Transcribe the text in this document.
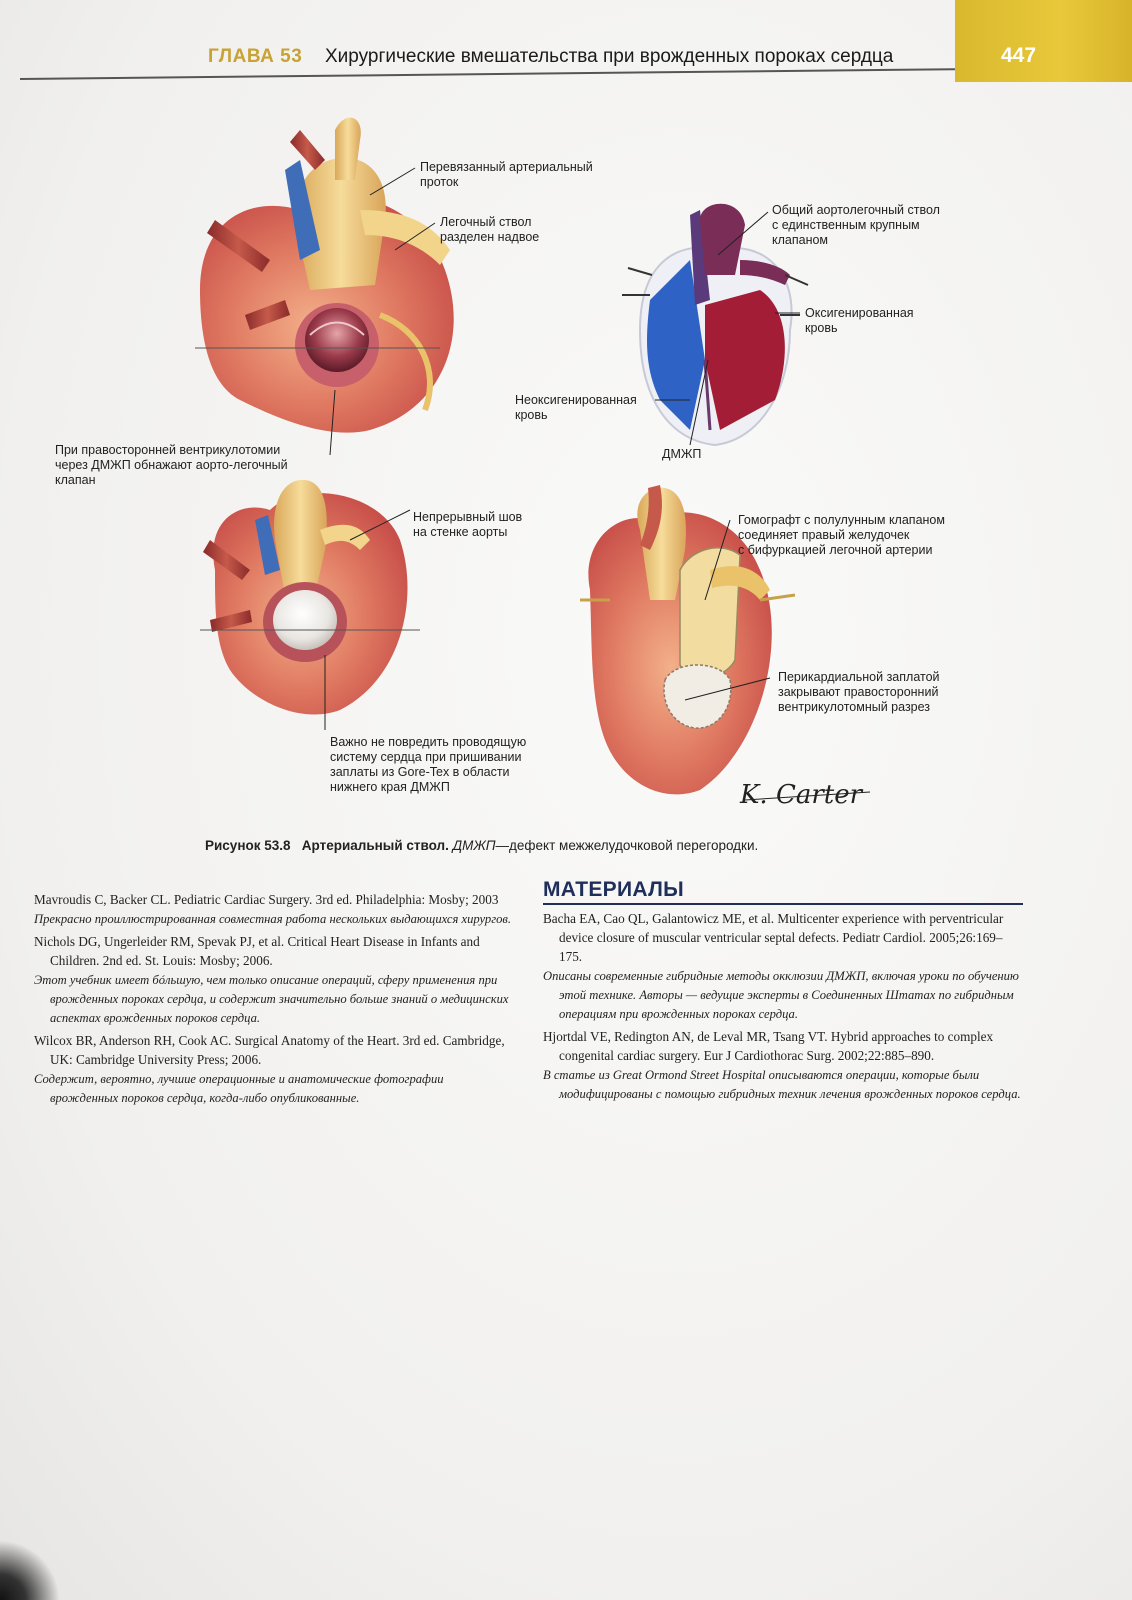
ГЛАВА 53 Хирургические вмешательства при врожденных пороках сердца	447
Перевязанный артериальный
проток
Легочный ствол
разделен надвое
Общий аортолегочный ствол
с единственным крупным
клапаном
Оксигенированная
кровь
Неоксигенированная
кровь
ДМЖП
При правосторонней вентрикулотомии
через ДМЖП обнажают аорто-легочный
клапан
Непрерывный шов
на стенке аорты
Гомографт с полулунным клапаном
соединяет правый желудочек
с бифуркацией легочной артерии
Перикардиальной заплатой
закрывают правосторонний
вентрикулотомный разрез
Важно не повредить проводящую
систему сердца при пришивании
заплаты из Gore-Tex в области
нижнего края ДМЖП	K. Carter
Рисунок 53.8 Артериальный ствол. ДМЖП—дефект межжелудочковой перегородки.

Mavroudis C, Backer CL. Pediatric Cardiac Surgery. 3rd ed. Philadelphia: Mosby; 2003

Прекрасно проиллюстрированная совместная работа нескольких выдающихся хирургов.

Nichols DG, Ungerleider RM, Spevak PJ, et al. Critical Heart Disease in Infants and Children. 2nd ed. St. Louis: Mosby; 2006.

Этот учебник имеет бóльшую, чем только описание операций, сферу применения при врожденных пороках сердца, и содержит значительно больше знаний о медицинских аспектах врожденных пороков сердца.

Wilcox BR, Anderson RH, Cook AC. Surgical Anatomy of the Heart. 3rd ed. Cambridge, UK: Cambridge University Press; 2006.

Содержит, вероятно, лучшие операционные и анатомические фотографии врожденных пороков сердца, когда-либо опубликованные.

МАТЕРИАЛЫ

Bacha EA, Cao QL, Galantowicz ME, et al. Multicenter experience with perventricular device closure of muscular ventricular septal defects. Pediatr Cardiol. 2005;26:169–175.

Описаны современные гибридные методы окклюзии ДМЖП, включая уроки по обучению этой технике. Авторы — ведущие эксперты в Соединенных Штатах по гибридным операциям при врожденных пороках сердца.

Hjortdal VE, Redington AN, de Leval MR, Tsang VT. Hybrid approaches to complex congenital cardiac surgery. Eur J Cardiothorac Surg. 2002;22:885–890.

В статье из Great Ormond Street Hospital описываются операции, которые были модифицированы с помощью гибридных техник лечения врожденных пороков сердца.
